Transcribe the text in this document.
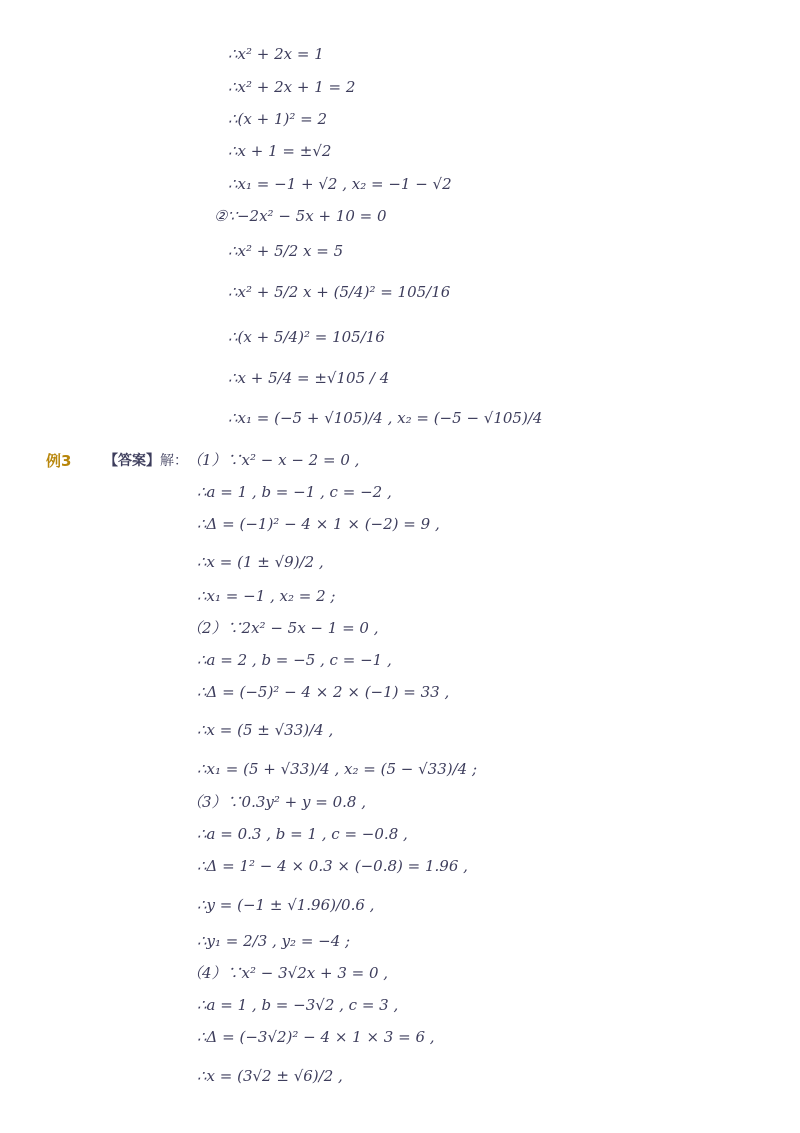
∴x² + 2x = 1
∴x² + 2x + 1 = 2
∴(x + 1)² = 2
∴x + 1 = ±√2
∴x₁ = −1 + √2 , x₂ = −1 − √2
②∵−2x² − 5x + 10 = 0
∴x² + 5/2 x = 5
∴x² + 5/2 x + (5/4)² = 105/16
∴(x + 5/4)² = 105/16
∴x + 5/4 = ±√105 / 4
∴x₁ = (−5 + √105)/4 , x₂ = (−5 − √105)/4
例3 【答案】解： （1）∵x² − x − 2 = 0 ,
∴a = 1 , b = −1 , c = −2 ,
∴Δ = (−1)² − 4 × 1 × (−2) = 9 ,
∴x = (1 ± √9)/2 ,
∴x₁ = −1 , x₂ = 2 ;
（2）∵2x² − 5x − 1 = 0 ,
∴a = 2 , b = −5 , c = −1 ,
∴Δ = (−5)² − 4 × 2 × (−1) = 33 ,
∴x = (5 ± √33)/4 ,
∴x₁ = (5 + √33)/4 , x₂ = (5 − √33)/4 ;
（3）∵0.3y² + y = 0.8 ,
∴a = 0.3 , b = 1 , c = −0.8 ,
∴Δ = 1² − 4 × 0.3 × (−0.8) = 1.96 ,
∴y = (−1 ± √1.96)/0.6 ,
∴y₁ = 2/3 , y₂ = −4 ;
（4）∵x² − 3√2x + 3 = 0 ,
∴a = 1 , b = −3√2 , c = 3 ,
∴Δ = (−3√2)² − 4 × 1 × 3 = 6 ,
∴x = (3√2 ± √6)/2 ,
